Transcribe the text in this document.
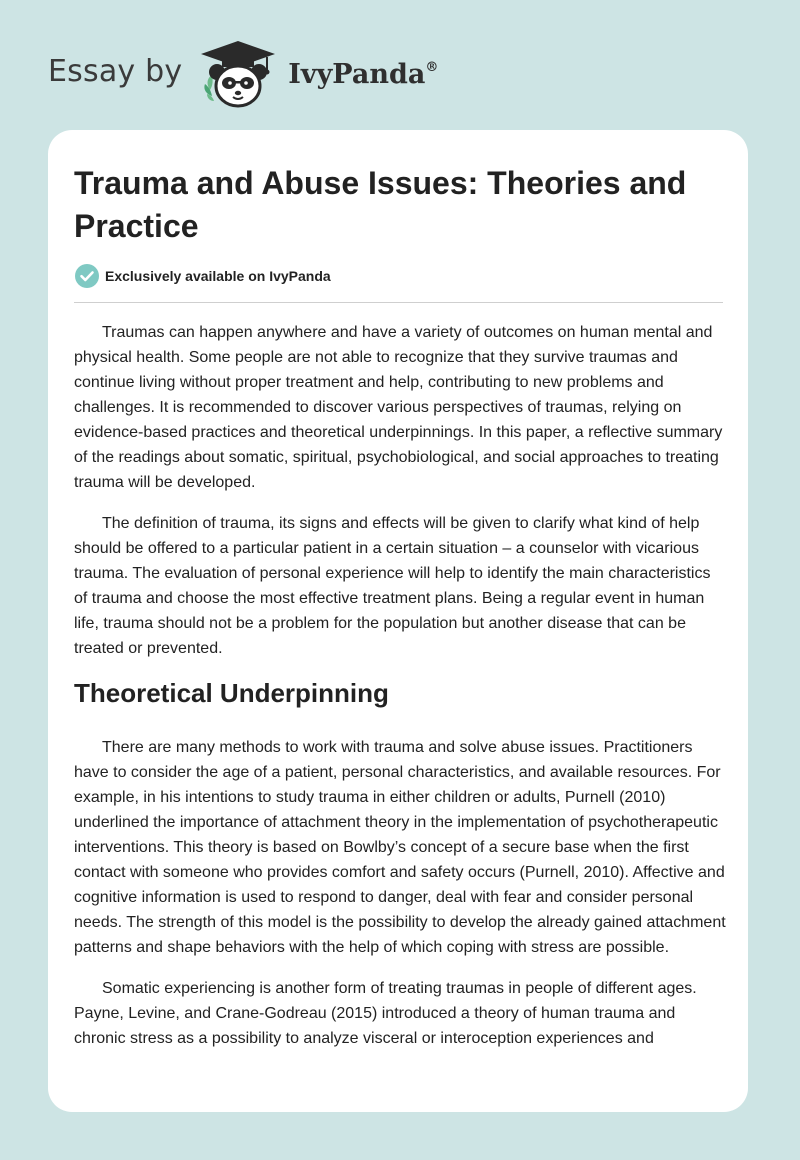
Essay by	IvyPanda®
Trauma and Abuse Issues: Theories and Practice
Exclusively available on IvyPanda

Traumas can happen anywhere and have a variety of outcomes on human mental and physical health. Some people are not able to recognize that they survive traumas and continue living without proper treatment and help, contributing to new problems and challenges. It is recommended to discover various perspectives of traumas, relying on evidence-based practices and theoretical underpinnings. In this paper, a reflective summary of the readings about somatic, spiritual, psychobiological, and social approaches to treating trauma will be developed.

The definition of trauma, its signs and effects will be given to clarify what kind of help should be offered to a particular patient in a certain situation – a counselor with vicarious trauma. The evaluation of personal experience will help to identify the main characteristics of trauma and choose the most effective treatment plans. Being a regular event in human life, trauma should not be a problem for the population but another disease that can be treated or prevented.

Theoretical Underpinning

There are many methods to work with trauma and solve abuse issues. Practitioners have to consider the age of a patient, personal characteristics, and available resources. For example, in his intentions to study trauma in either children or adults, Purnell (2010) underlined the importance of attachment theory in the implementation of psychotherapeutic interventions. This theory is based on Bowlby’s concept of a secure base when the first contact with someone who provides comfort and safety occurs (Purnell, 2010). Affective and cognitive information is used to respond to danger, deal with fear and consider personal needs. The strength of this model is the possibility to develop the already gained attachment patterns and shape behaviors with the help of which coping with stress are possible.

Somatic experiencing is another form of treating traumas in people of different ages. Payne, Levine, and Crane-Godreau (2015) introduced a theory of human trauma and chronic stress as a possibility to analyze visceral or interoception experiences and
